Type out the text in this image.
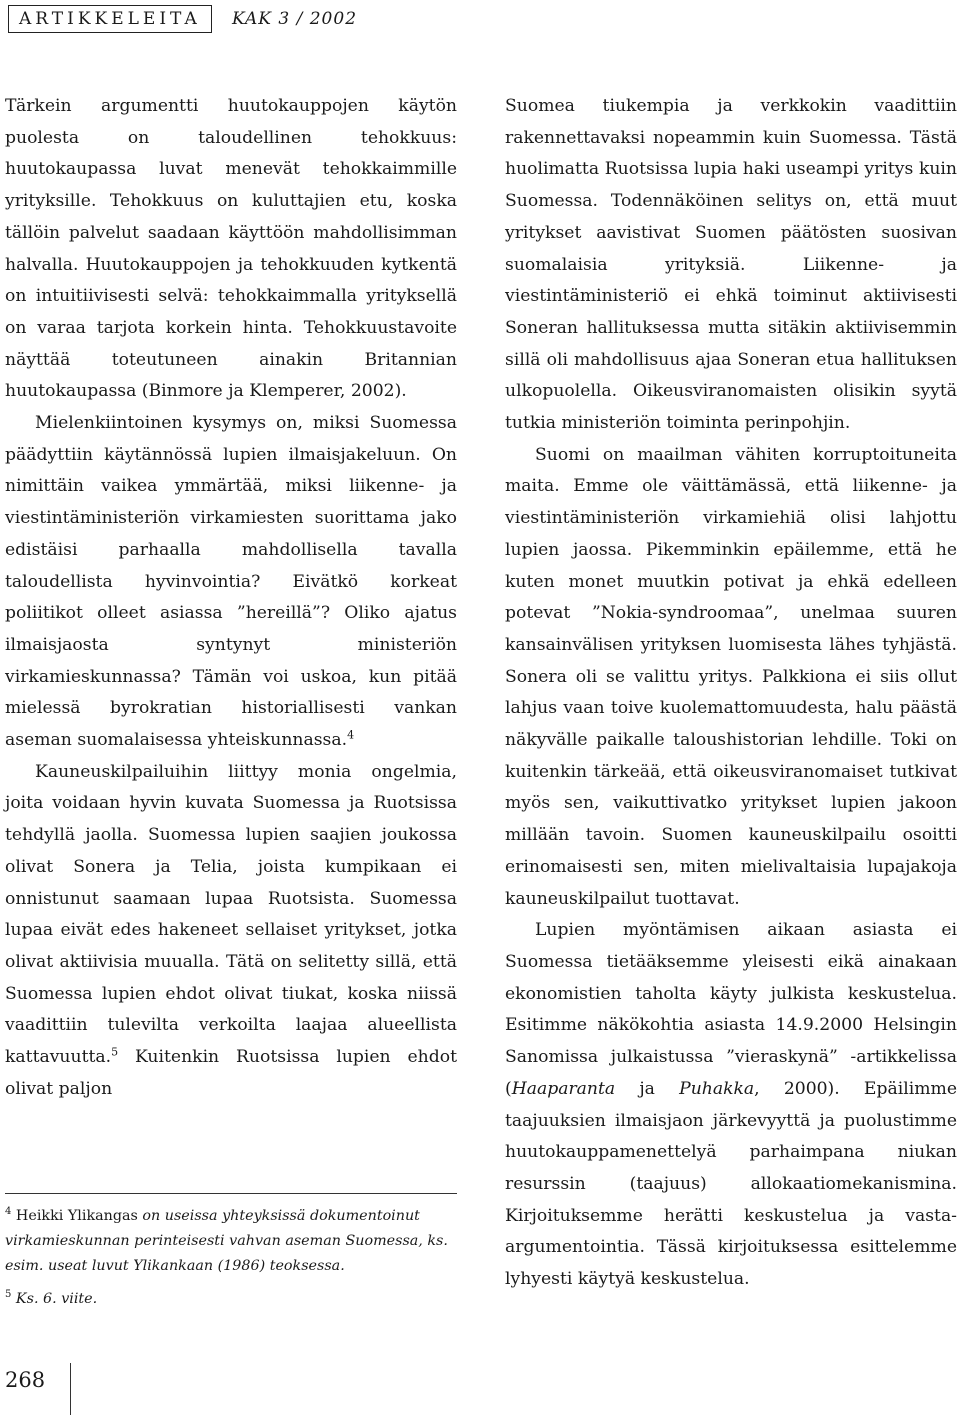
ARTIKKELEITA	KAK 3 / 2002

Tärkein argumentti huutokauppojen käytön puolesta on taloudellinen tehokkuus: huutokaupassa luvat menevät tehokkaimmille yrityksille. Tehokkuus on kuluttajien etu, koska tällöin palvelut saadaan käyttöön mahdollisimman halvalla. Huutokauppojen ja tehokkuuden kytkentä on intuitiivisesti selvä: tehokkaimmalla yrityksellä on varaa tarjota korkein hinta. Tehokkuustavoite näyttää toteutuneen ainakin Britannian huutokaupassa (Binmore ja Klemperer, 2002).

Mielenkiintoinen kysymys on, miksi Suomessa päädyttiin käytännössä lupien ilmaisjakeluun. On nimittäin vaikea ymmärtää, miksi liikenne- ja viestintäministeriön virkamiesten suorittama jako edistäisi parhaalla mahdollisella tavalla taloudellista hyvinvointia? Eivätkö korkeat poliitikot olleet asiassa ”hereillä”? Oliko ajatus ilmaisjaosta syntynyt ministeriön virkamieskunnassa? Tämän voi uskoa, kun pitää mielessä byrokratian historiallisesti vankan aseman suomalaisessa yhteiskunnassa.$^4$

Kauneuskilpailuihin liittyy monia ongelmia, joita voidaan hyvin kuvata Suomessa ja Ruotsissa tehdyllä jaolla. Suomessa lupien saajien joukossa olivat Sonera ja Telia, joista kumpikaan ei onnistunut saamaan lupaa Ruotsista. Suomessa lupaa eivät edes hakeneet sellaiset yritykset, jotka olivat aktiivisia muualla. Tätä on selitetty sillä, että Suomessa lupien ehdot olivat tiukat, koska niissä vaadittiin tulevilta verkoilta laajaa alueellista kattavuutta.$^5$ Kuitenkin Ruotsissa lupien ehdot olivat paljon

Suomea tiukempia ja verkkokin vaadittiin rakennettavaksi nopeammin kuin Suomessa. Tästä huolimatta Ruotsissa lupia haki useampi yritys kuin Suomessa. Todennäköinen selitys on, että muut yritykset aavistivat Suomen päätösten suosivan suomalaisia yrityksiä. Liikenne- ja viestintäministeriö ei ehkä toiminut aktiivisesti Soneran hallituksessa mutta sitäkin aktiivisemmin sillä oli mahdollisuus ajaa Soneran etua hallituksen ulkopuolella. Oikeusviranomaisten olisikin syytä tutkia ministeriön toiminta perinpohjin.

Suomi on maailman vähiten korruptoituneita maita. Emme ole väittämässä, että liikenne- ja viestintäministeriön virkamiehiä olisi lahjottu lupien jaossa. Pikemminkin epäilemme, että he kuten monet muutkin potivat ja ehkä edelleen potevat ”Nokia-syndroomaa”, unelmaa suuren kansainvälisen yrityksen luomisesta lähes tyhjästä. Sonera oli se valittu yritys. Palkkiona ei siis ollut lahjus vaan toive kuolemattomuudesta, halu päästä näkyvälle paikalle taloushistorian lehdille. Toki on kuitenkin tärkeää, että oikeusviranomaiset tutkivat myös sen, vaikuttivatko yritykset lupien jakoon millään tavoin. Suomen kauneuskilpailu osoitti erinomaisesti sen, miten mielivaltaisia lupajakoja kauneuskilpailut tuottavat.

Lupien myöntämisen aikaan asiasta ei Suomessa tietääksemme yleisesti eikä ainakaan ekonomistien taholta käyty julkista keskustelua. Esitimme näkökohtia asiasta 14.9.2000 Helsingin Sanomissa julkaistussa ”vieraskynä” -artikkelissa (Haaparanta ja Puhakka, 2000). Epäilimme taajuuksien ilmaisjaon järkevyyttä ja puolustimme huutokauppamenettelyä parhaimpana niukan resurssin (taajuus) allokaatiomekanismina. Kirjoituksemme herätti keskustelua ja vasta-argumentointia. Tässä kirjoituksessa esittelemme lyhyesti käytyä keskustelua.

$^4$ Heikki Ylikangas on useissa yhteyksissä dokumentoinut virkamieskunnan perinteisesti vahvan aseman Suomessa, ks. esim. useat luvut Ylikankaan (1986) teoksessa.

$^5$ Ks. 6. viite.

268
